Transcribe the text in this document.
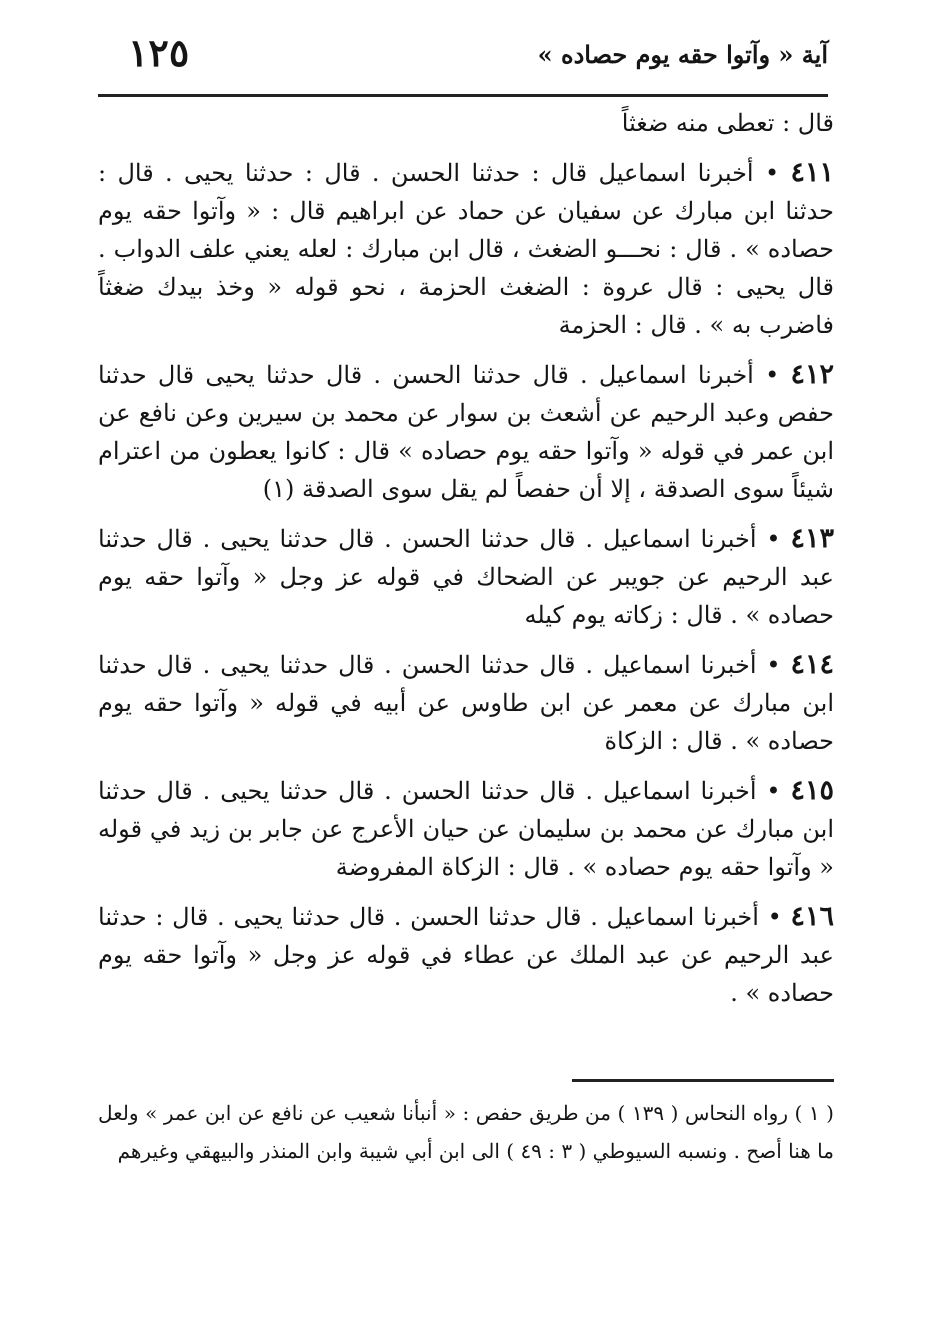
آية « وآتوا حقه يوم حصاده »
١٢٥

قال : تعطى منه ضغثاً

٤١١ • أخبرنا اسماعيل قال : حدثنا الحسن . قال : حدثنا يحيى . قال : حدثنا ابن مبارك عن سفيان عن حماد عن ابراهيم قال : « وآتوا حقه يوم حصاده » . قال : نحـــو الضغث ، قال ابن مبارك : لعله يعني علف الدواب . قال يحيى : قال عروة : الضغث الحزمة ، نحو قوله « وخذ بيدك ضغثاً فاضرب به » . قال : الحزمة

٤١٢ • أخبرنا اسماعيل . قال حدثنا الحسن . قال حدثنا يحيى قال حدثنا حفص وعبد الرحيم عن أشعث بن سوار عن محمد بن سيرين وعن نافع عن ابن عمر في قوله « وآتوا حقه يوم حصاده » قال : كانوا يعطون من اعترام شيئاً سوى الصدقة ، إلا أن حفصاً لم يقل سوى الصدقة (١)

٤١٣ • أخبرنا اسماعيل . قال حدثنا الحسن . قال حدثنا يحيى . قال حدثنا عبد الرحيم عن جويبر عن الضحاك في قوله عز وجل « وآتوا حقه يوم حصاده » . قال : زكاته يوم كيله

٤١٤ • أخبرنا اسماعيل . قال حدثنا الحسن . قال حدثنا يحيى . قال حدثنا ابن مبارك عن معمر عن ابن طاوس عن أبيه في قوله « وآتوا حقه يوم حصاده » . قال : الزكاة

٤١٥ • أخبرنا اسماعيل . قال حدثنا الحسن . قال حدثنا يحيى . قال حدثنا ابن مبارك عن محمد بن سليمان عن حيان الأعرج عن جابر بن زيد في قوله « وآتوا حقه يوم حصاده » . قال : الزكاة المفروضة

٤١٦ • أخبرنا اسماعيل . قال حدثنا الحسن . قال حدثنا يحيى . قال : حدثنا عبد الرحيم عن عبد الملك عن عطاء في قوله عز وجل « وآتوا حقه يوم حصاده » .

( ١ ) رواه النحاس ( ١٣٩ ) من طريق حفص : « أنبأنا شعيب عن نافع عن ابن عمر » ولعل ما هنا أصح . ونسبه السيوطي ( ٣ : ٤٩ ) الى ابن أبي شيبة وابن المنذر والبيهقي وغيرهم
